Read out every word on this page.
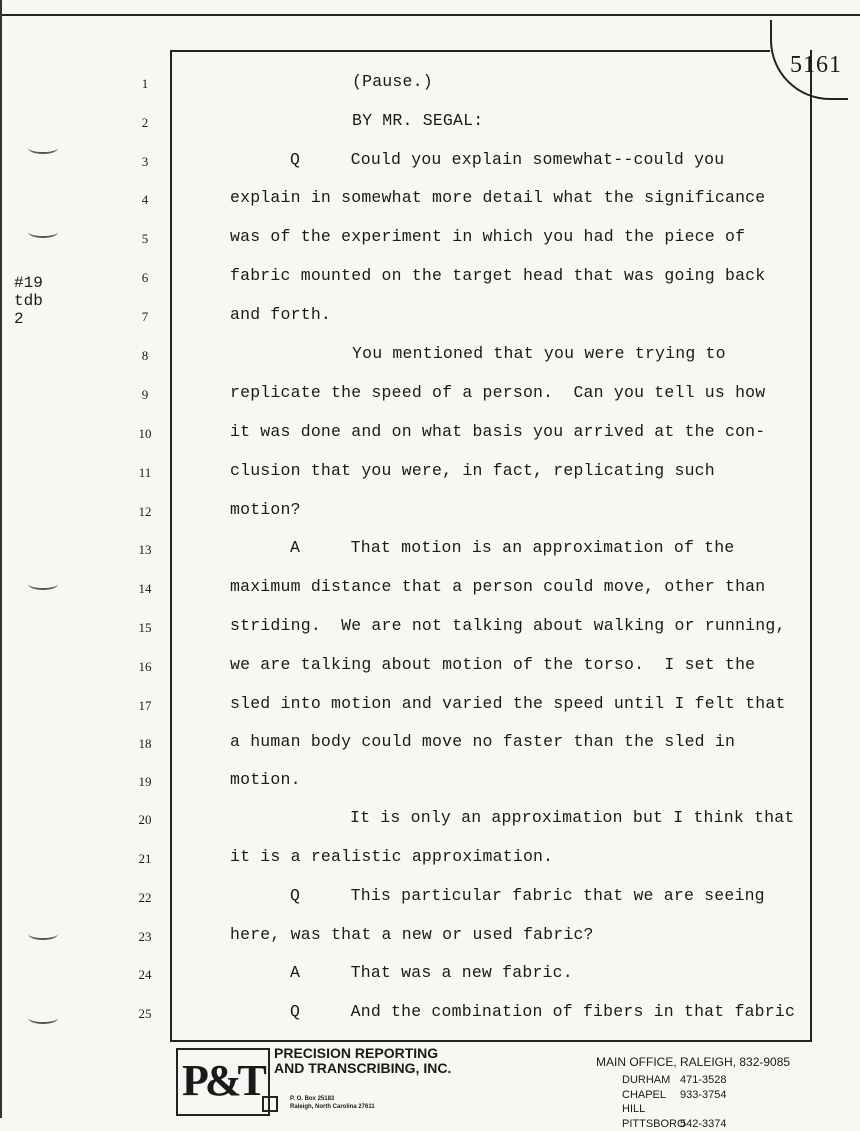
#19
tdb
2
5161
1	(Pause.)
2	BY MR. SEGAL:
3	Q     Could you explain somewhat--could you
4	explain in somewhat more detail what the significance
5	was of the experiment in which you had the piece of
6	fabric mounted on the target head that was going back
7	and forth.
8	You mentioned that you were trying to
9	replicate the speed of a person.  Can you tell us how
10	it was done and on what basis you arrived at the con-
11	clusion that you were, in fact, replicating such
12	motion?
13	A     That motion is an approximation of the
14	maximum distance that a person could move, other than
15	striding.  We are not talking about walking or running,
16	we are talking about motion of the torso.  I set the
17	sled into motion and varied the speed until I felt that
18	a human body could move no faster than the sled in
19	motion.
20	It is only an approximation but I think that
21	it is a realistic approximation.
22	Q     This particular fabric that we are seeing
23	here, was that a new or used fabric?
24	A     That was a new fabric.
25	Q     And the combination of fibers in that fabric
P&T
PRECISION REPORTING
AND TRANSCRIBING, INC.
P. O. Box 25183
Raleigh, North Carolina 27611
MAIN OFFICE, RALEIGH, 832-9085
DURHAM 471-3528
CHAPEL HILL
933-3754
PITTSBORO
542-3374
